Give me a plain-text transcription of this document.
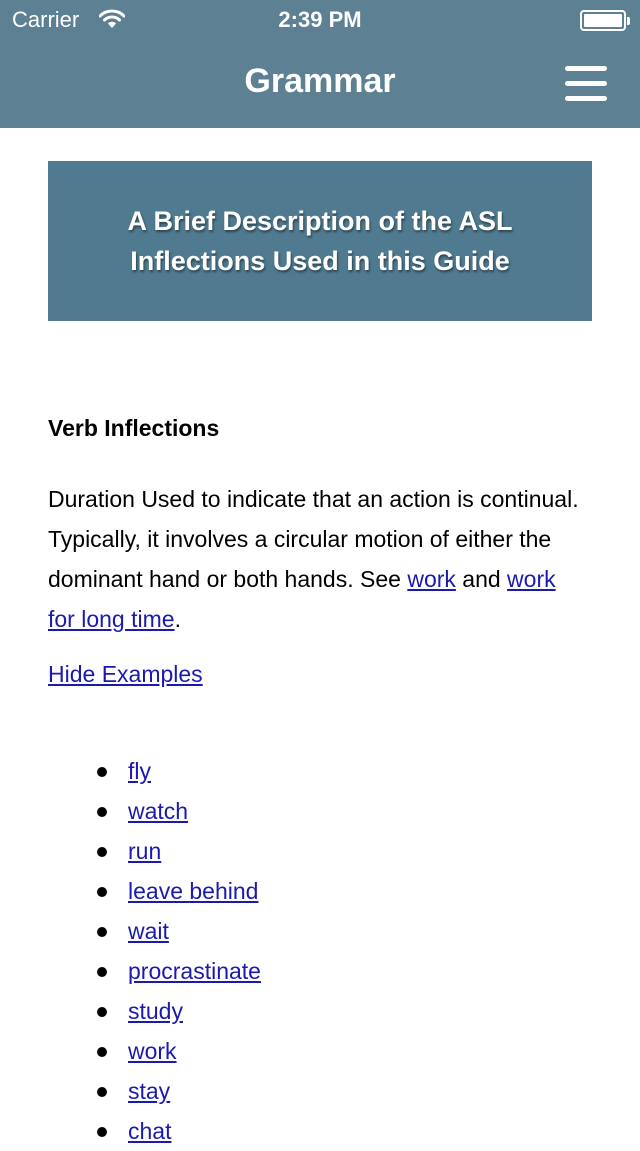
Carrier	2:39 PM
Grammar
A Brief Description of the ASL Inflections Used in this Guide
Verb Inflections

Duration Used to indicate that an action is continual. Typically, it involves a circular motion of either the dominant hand or both hands. See work and work for long time.

Hide Examples
fly
watch
run
leave behind
wait
procrastinate
study
work
stay
chat
